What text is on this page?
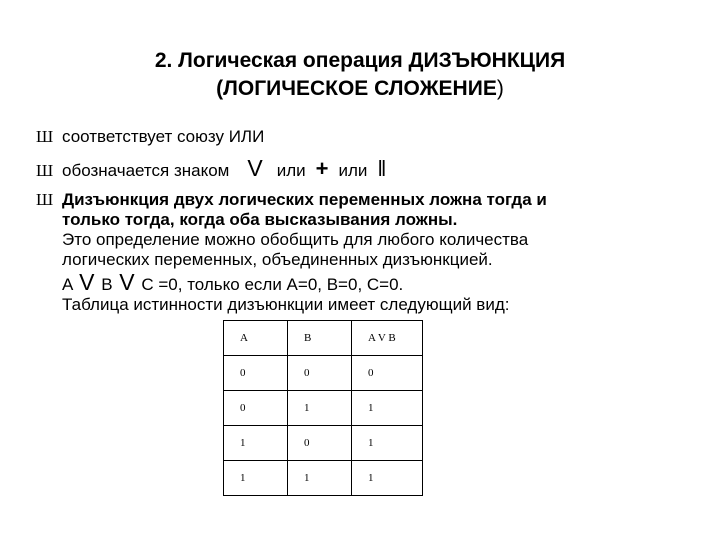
2. Логическая операция ДИЗЪЮНКЦИЯ
(ЛОГИЧЕСКОЕ СЛОЖЕНИЕ)
Ш соответствует союзу ИЛИ
Ш обозначается знаком V или + или ‖
Ш Дизъюнкция двух логических переменных ложна тогда и
только тогда, когда оба высказывания ложны.
Это определение можно обобщить для любого количества
логических переменных, объединенных дизъюнкцией.
A V B V C =0, только если A=0, B=0, C=0.
Таблица истинности дизъюнкции имеет следующий вид:
A	B	A V B
0	0	0
0	1	1
1	0	1
1	1	1
